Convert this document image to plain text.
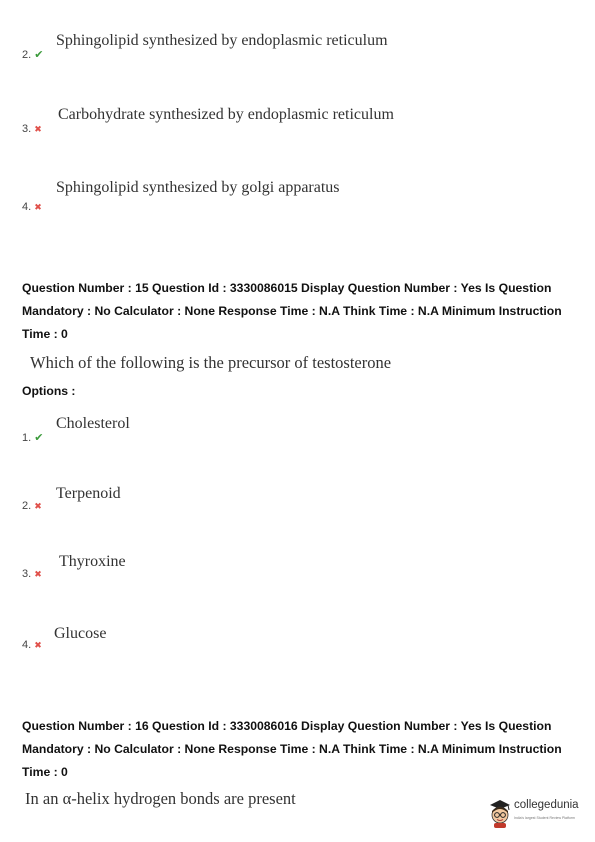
Sphingolipid synthesized by endoplasmic reticulum
2. ✔
Carbohydrate synthesized by endoplasmic reticulum
3. ✖
Sphingolipid synthesized by golgi apparatus
4. ✖
Question Number : 15 Question Id : 3330086015 Display Question Number : Yes Is Question Mandatory : No Calculator : None Response Time : N.A Think Time : N.A Minimum Instruction Time : 0
Which of the following is the precursor of testosterone
Options :
Cholesterol
1. ✔
Terpenoid
2. ✖
Thyroxine
3. ✖
Glucose
4. ✖
Question Number : 16 Question Id : 3330086016 Display Question Number : Yes Is Question Mandatory : No Calculator : None Response Time : N.A Think Time : N.A Minimum Instruction Time : 0
In an α-helix hydrogen bonds are present	collegedunia
India's largest Student Review Platform
